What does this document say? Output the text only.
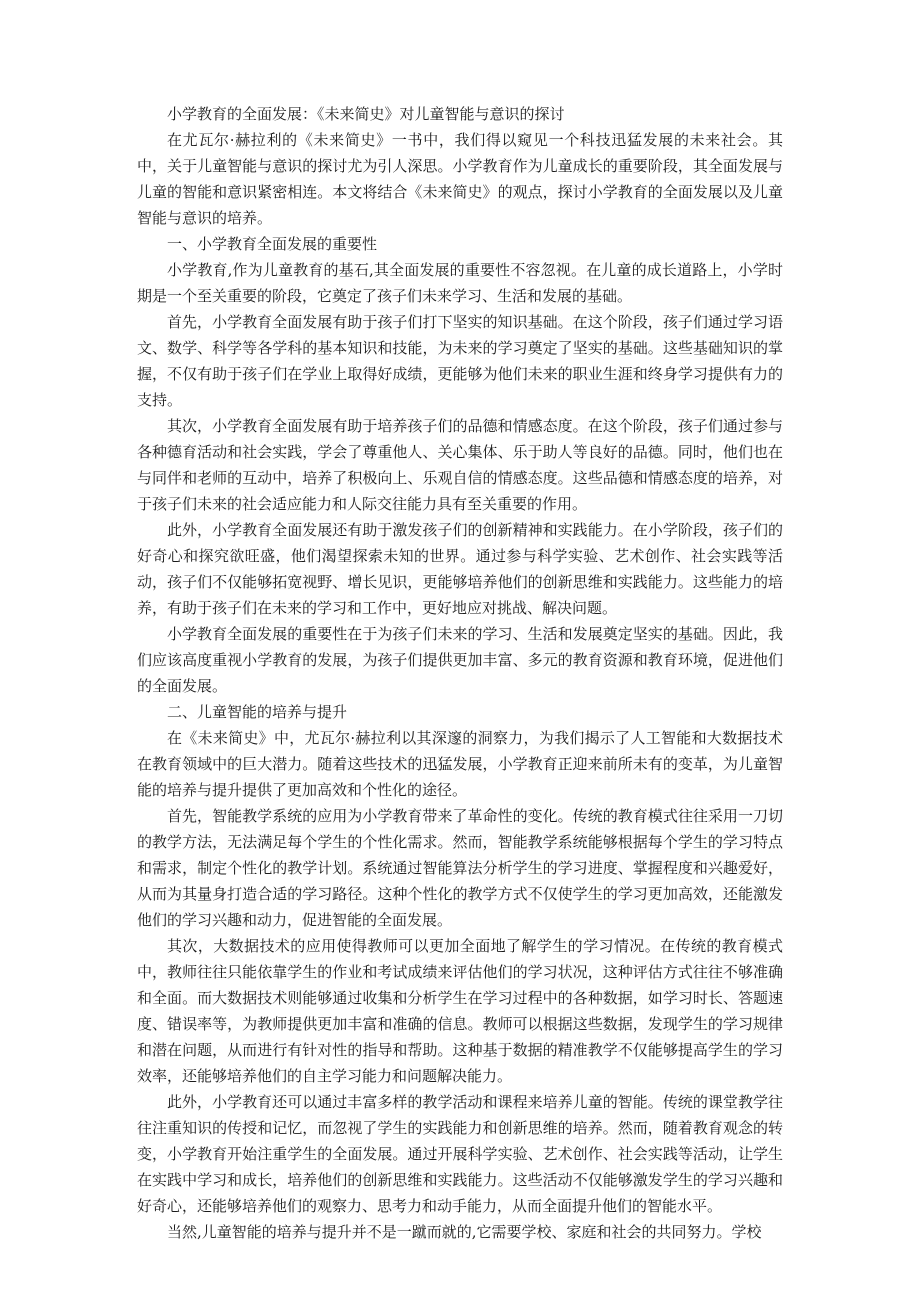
小学教育的全面发展：《未来简史》对儿童智能与意识的探讨

在尤瓦尔·赫拉利的《未来简史》一书中，我们得以窥见一个科技迅猛发展的未来社会。其中，关于儿童智能与意识的探讨尤为引人深思。小学教育作为儿童成长的重要阶段，其全面发展与儿童的智能和意识紧密相连。本文将结合《未来简史》的观点，探讨小学教育的全面发展以及儿童智能与意识的培养。

一、小学教育全面发展的重要性

小学教育,作为儿童教育的基石,其全面发展的重要性不容忽视。在儿童的成长道路上，小学时期是一个至关重要的阶段，它奠定了孩子们未来学习、生活和发展的基础。

首先，小学教育全面发展有助于孩子们打下坚实的知识基础。在这个阶段，孩子们通过学习语文、数学、科学等各学科的基本知识和技能，为未来的学习奠定了坚实的基础。这些基础知识的掌握，不仅有助于孩子们在学业上取得好成绩，更能够为他们未来的职业生涯和终身学习提供有力的支持。

其次，小学教育全面发展有助于培养孩子们的品德和情感态度。在这个阶段，孩子们通过参与各种德育活动和社会实践，学会了尊重他人、关心集体、乐于助人等良好的品德。同时，他们也在与同伴和老师的互动中，培养了积极向上、乐观自信的情感态度。这些品德和情感态度的培养，对于孩子们未来的社会适应能力和人际交往能力具有至关重要的作用。

此外，小学教育全面发展还有助于激发孩子们的创新精神和实践能力。在小学阶段，孩子们的好奇心和探究欲旺盛，他们渴望探索未知的世界。通过参与科学实验、艺术创作、社会实践等活动，孩子们不仅能够拓宽视野、增长见识，更能够培养他们的创新思维和实践能力。这些能力的培养，有助于孩子们在未来的学习和工作中，更好地应对挑战、解决问题。

小学教育全面发展的重要性在于为孩子们未来的学习、生活和发展奠定坚实的基础。因此，我们应该高度重视小学教育的发展，为孩子们提供更加丰富、多元的教育资源和教育环境，促进他们的全面发展。

二、儿童智能的培养与提升

在《未来简史》中，尤瓦尔·赫拉利以其深邃的洞察力，为我们揭示了人工智能和大数据技术在教育领域中的巨大潜力。随着这些技术的迅猛发展，小学教育正迎来前所未有的变革，为儿童智能的培养与提升提供了更加高效和个性化的途径。

首先，智能教学系统的应用为小学教育带来了革命性的变化。传统的教育模式往往采用一刀切的教学方法，无法满足每个学生的个性化需求。然而，智能教学系统能够根据每个学生的学习特点和需求，制定个性化的教学计划。系统通过智能算法分析学生的学习进度、掌握程度和兴趣爱好，从而为其量身打造合适的学习路径。这种个性化的教学方式不仅使学生的学习更加高效，还能激发他们的学习兴趣和动力，促进智能的全面发展。

其次，大数据技术的应用使得教师可以更加全面地了解学生的学习情况。在传统的教育模式中，教师往往只能依靠学生的作业和考试成绩来评估他们的学习状况，这种评估方式往往不够准确和全面。而大数据技术则能够通过收集和分析学生在学习过程中的各种数据，如学习时长、答题速度、错误率等，为教师提供更加丰富和准确的信息。教师可以根据这些数据，发现学生的学习规律和潜在问题，从而进行有针对性的指导和帮助。这种基于数据的精准教学不仅能够提高学生的学习效率，还能够培养他们的自主学习能力和问题解决能力。

此外，小学教育还可以通过丰富多样的教学活动和课程来培养儿童的智能。传统的课堂教学往往注重知识的传授和记忆，而忽视了学生的实践能力和创新思维的培养。然而，随着教育观念的转变，小学教育开始注重学生的全面发展。通过开展科学实验、艺术创作、社会实践等活动，让学生在实践中学习和成长，培养他们的创新思维和实践能力。这些活动不仅能够激发学生的学习兴趣和好奇心，还能够培养他们的观察力、思考力和动手能力，从而全面提升他们的智能水平。

当然,儿童智能的培养与提升并不是一蹴而就的,它需要学校、家庭和社会的共同努力。学校
